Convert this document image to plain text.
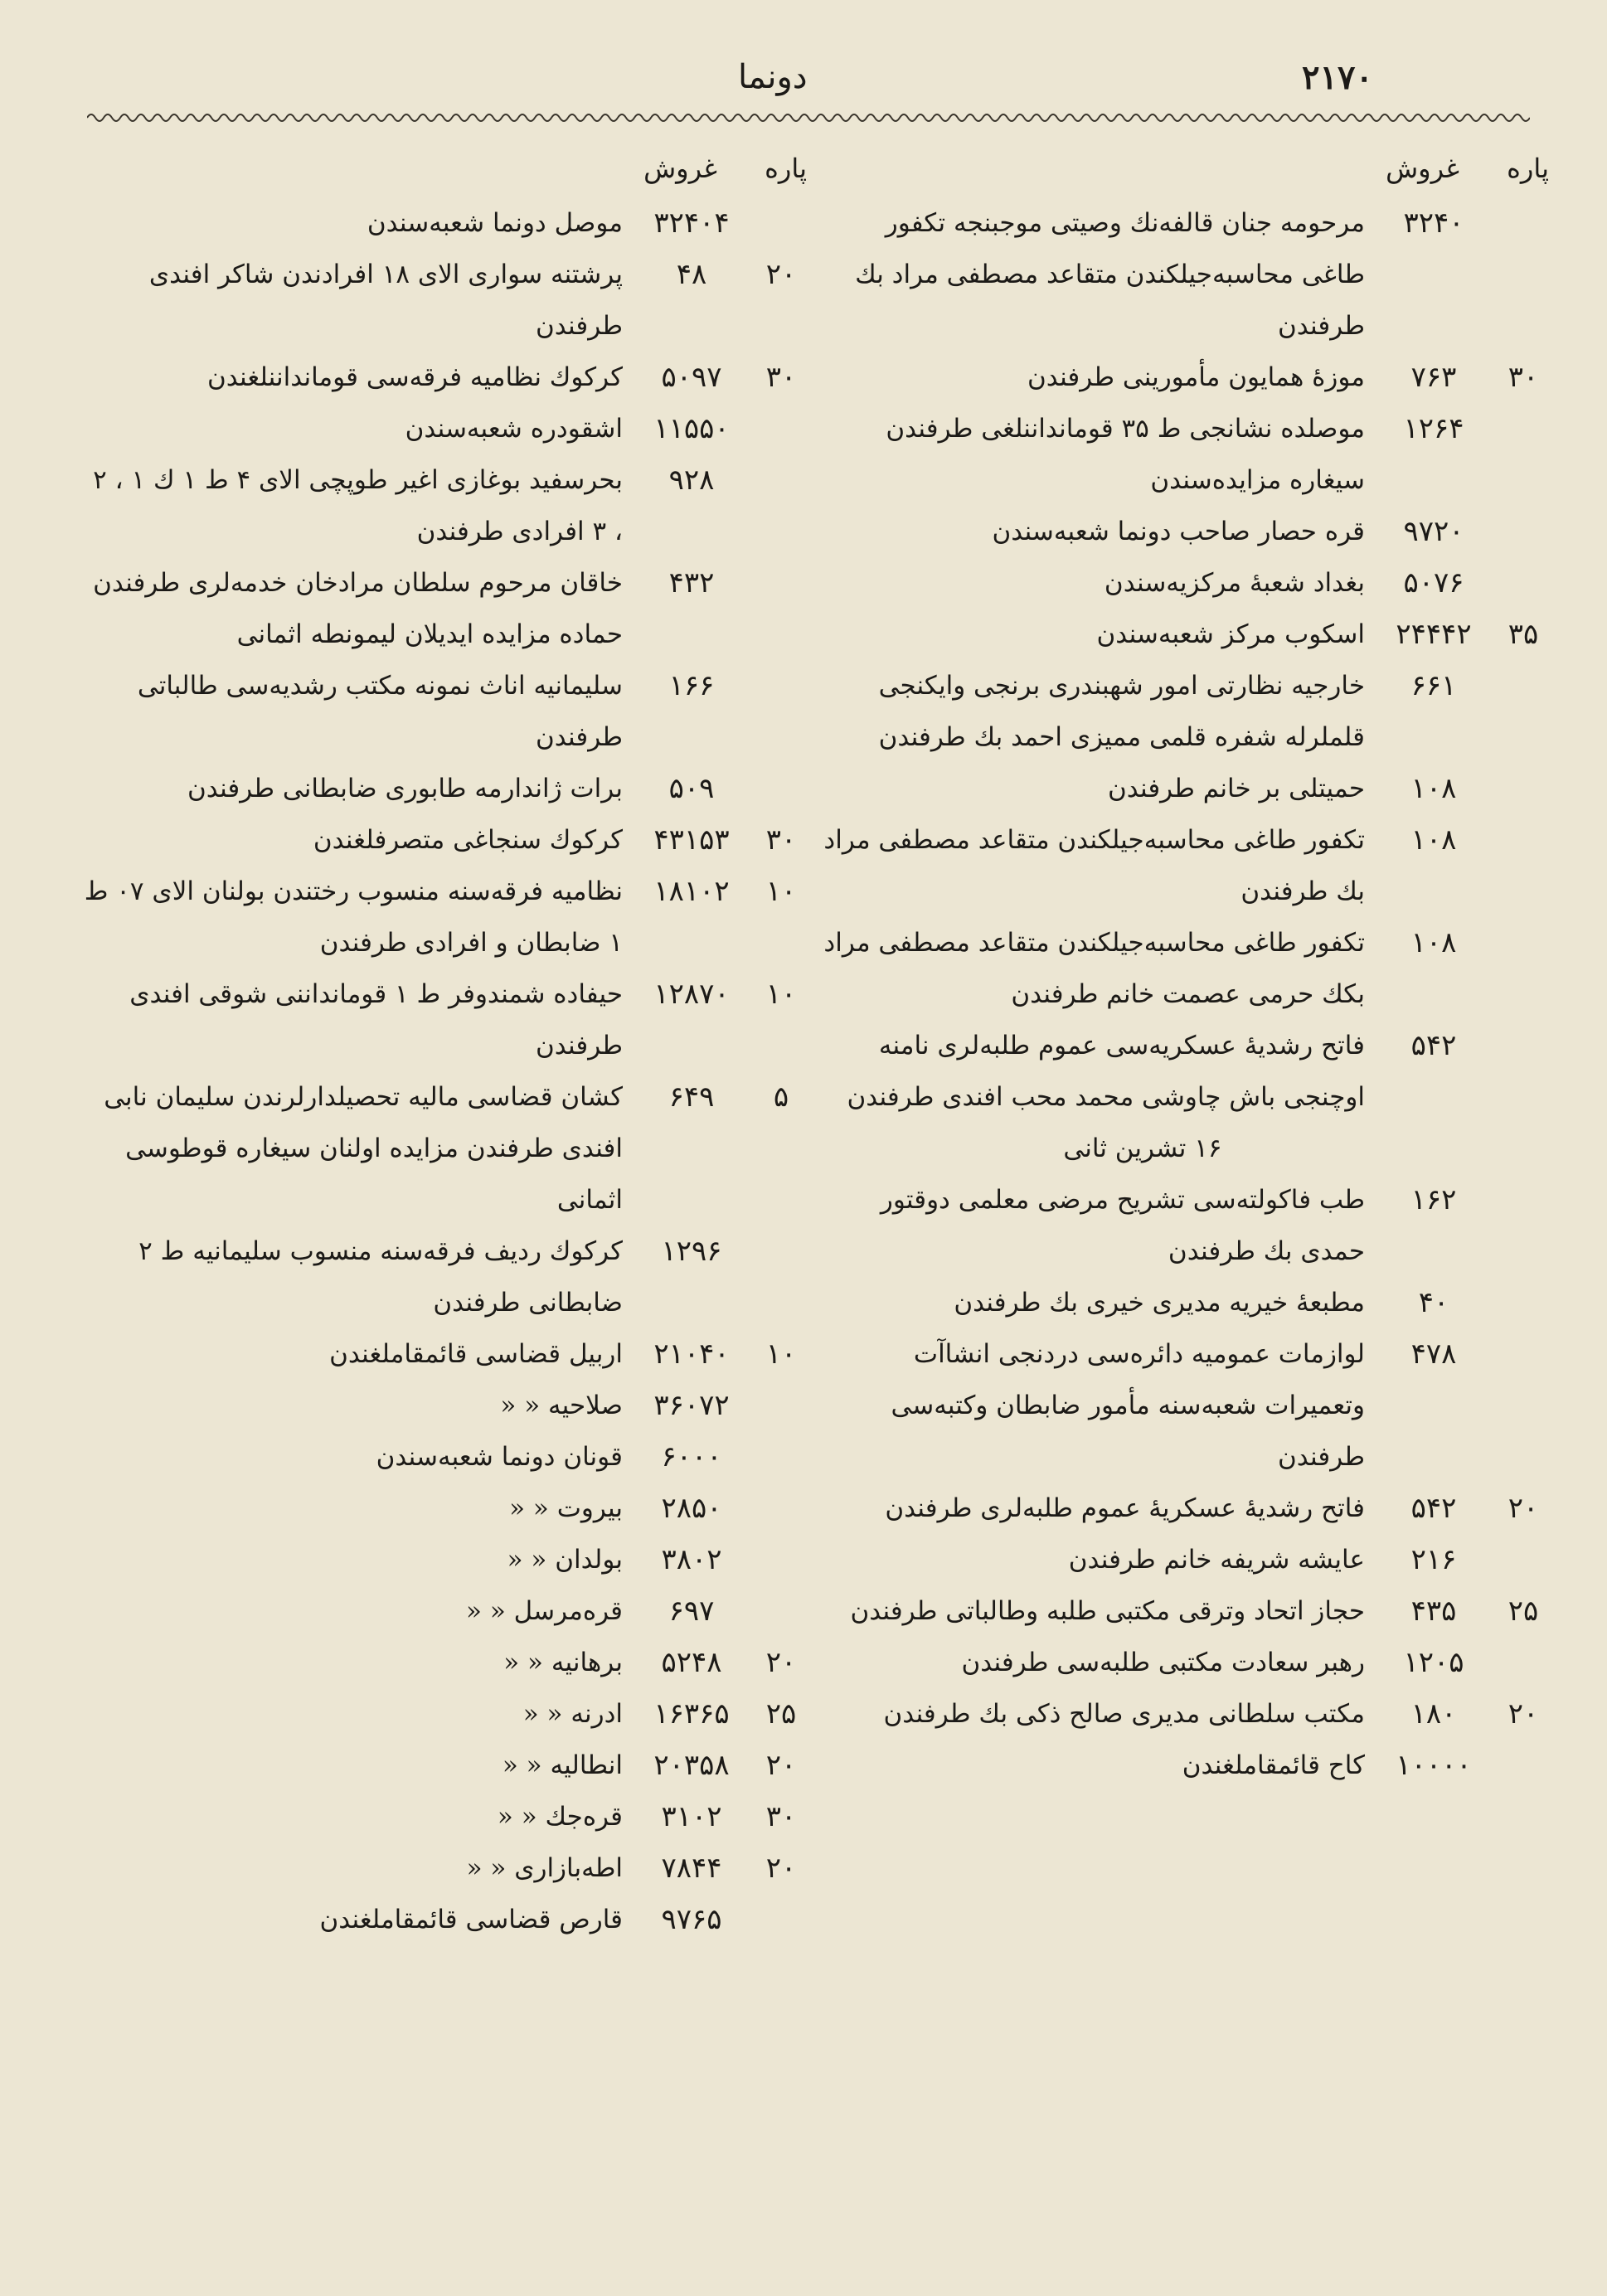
۲۱۷۰
دونما
پاره
غروش
۳۲۴۰
مرحومه جنان قالفه‌نك وصيتى موجبنجه تكفور طاغى محاسبه‌جيلكندن متقاعد مصطفى مراد بك طرفندن
۳۰
۷۶۳
موزهٔ همايون مأمورينى طرفندن
۱۲۶۴
موصلده نشانجى ط ۳۵ قومانداننلغى طرفندن سيغاره مزايده‌سندن
۹۷۲۰
قره حصار صاحب دونما شعبه‌سندن
۵۰۷۶
بغداد شعبهٔ مركزيه‌سندن
۳۵
۲۴۴۴۲
اسكوب مركز شعبه‌سندن
۶۶۱
خارجيه نظارتى امور شهبندرى برنجى وايكنجى قلملرله شفره قلمى مميزى احمد بك طرفندن
۱۰۸
حميتلى بر خانم طرفندن
۱۰۸
تكفور طاغى محاسبه‌جيلكندن متقاعد مصطفى مراد بك طرفندن
۱۰۸
تكفور طاغى محاسبه‌جيلكندن متقاعد مصطفى مراد بكك حرمى عصمت خانم طرفندن
۵۴۲
فاتح رشديهٔ عسكريه‌سى عموم طلبه‌لرى نامنه اوچنجى باش چاوشى محمد محب افندى طرفندن
۱۶ تشرين ثانى
۱۶۲
طب فاكولته‌سى تشريح مرضى معلمى دوقتور حمدى بك طرفندن
۴۰
مطبعهٔ خيريه مديرى خيرى بك طرفندن
۴۷۸
لوازمات عموميه دائره‌سى دردنجى انشاآت وتعميرات شعبه‌سنه مأمور ضابطان وكتبه‌سى طرفندن
۲۰
۵۴۲
فاتح رشديهٔ عسكريهٔ عموم طلبه‌لرى طرفندن
۲۱۶
عايشه شريفه خانم طرفندن
۲۵
۴۳۵
حجاز اتحاد وترقى مكتبى طلبه وطالباتى طرفندن
۱۲۰۵
رهبر سعادت مكتبى طلبه‌سى طرفندن
۲۰
۱۸۰
مكتب سلطانى مديرى صالح ذكى بك طرفندن
۱۰۰۰۰
كاح قائمقاملغندن
پاره
غروش
۳۲۴۰۴
موصل دونما شعبه‌سندن
۲۰
۴۸
پرشتنه سوارى الاى ۱۸ افرادندن شاكر افندى طرفندن
۳۰
۵۰۹۷
كركوك نظاميه فرقه‌سى قومانداننلغندن
۱۱۵۵۰
اشقودره شعبه‌سندن
۹۲۸
بحرسفيد بوغازى اغير طوپچى الاى ۴ ط ۱ ك ۱ ، ۲ ، ۳ افرادى طرفندن
۴۳۲
خاقان مرحوم سلطان مرادخان خدمه‌لرى طرفندن حماده مزايده ايديلان ليمونطه اثمانى
۱۶۶
سليمانيه اناث نمونه مكتب رشديه‌سى طالباتى طرفندن
۵۰۹
برات ژاندارمه طابورى ضابطانى طرفندن
۳۰
۴۳۱۵۳
كركوك سنجاغى متصرفلغندن
۱۰
۱۸۱۰۲
نظاميه فرقه‌سنه منسوب رختندن بولنان الاى ۰۷ ط ۱ ضابطان و افرادى طرفندن
۱۰
۱۲۸۷۰
حيفاده شمندوفر ط ۱ قومانداننى شوقى افندى طرفندن
۵
۶۴۹
كشان قضاسى ماليه تحصيلدارلرندن سليمان نابى افندى طرفندن مزايده اولنان سيغاره قوطوسى اثمانى
۱۲۹۶
كركوك رديف فرقه‌سنه منسوب سليمانيه ط ۲ ضابطانى طرفندن
۱۰
۲۱۰۴۰
اربيل قضاسى قائمقاملغندن
۳۶۰۷۲
صلاحيه « «
۶۰۰۰
قونان دونما شعبه‌سندن
۲۸۵۰
بيروت « «
۳۸۰۲
بولدان « «
۶۹۷
قره‌مرسل « «
۲۰
۵۲۴۸
برهانيه « «
۲۵
۱۶۳۶۵
ادرنه « «
۲۰
۲۰۳۵۸
انطاليه « «
۳۰
۳۱۰۲
قره‌جك « «
۲۰
۷۸۴۴
اطه‌بازارى « «
۹۷۶۵
قارص قضاسى قائمقاملغندن
